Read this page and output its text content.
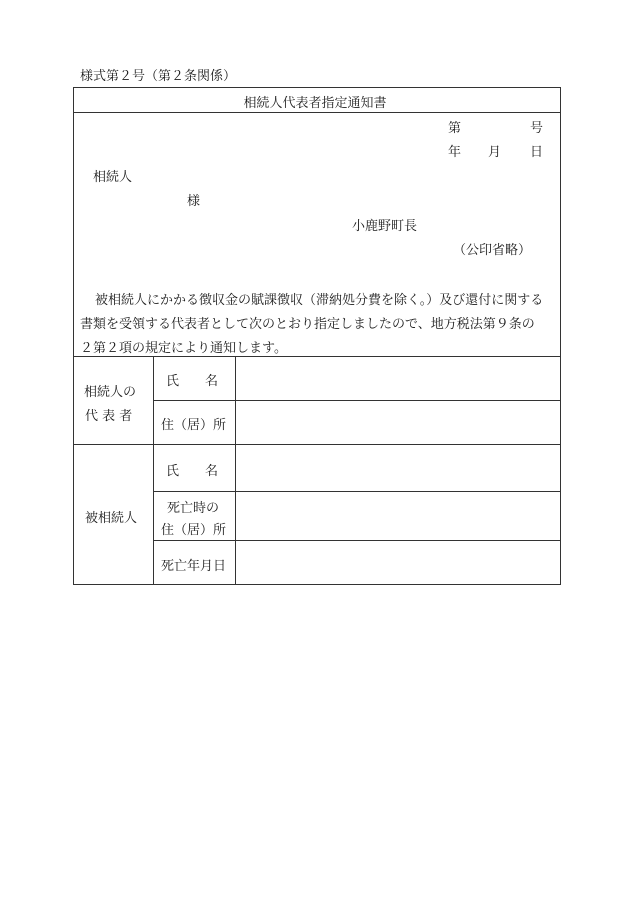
様式第２号（第２条関係）
相続人代表者指定通知書
第	号
年 月 日
相続人
様
小鹿野町長
（公印省略）
被相続人にかかる徴収金の賦課徴収（滞納処分費を除く。）及び還付に関する
書類を受領する代表者として次のとおり指定しましたので、地方税法第９条の
２第２項の規定により通知します。
相続人の
代 表 者
氏　　名
住（居）所
被相続人
氏　　名
死亡時の
住（居）所
死亡年月日
